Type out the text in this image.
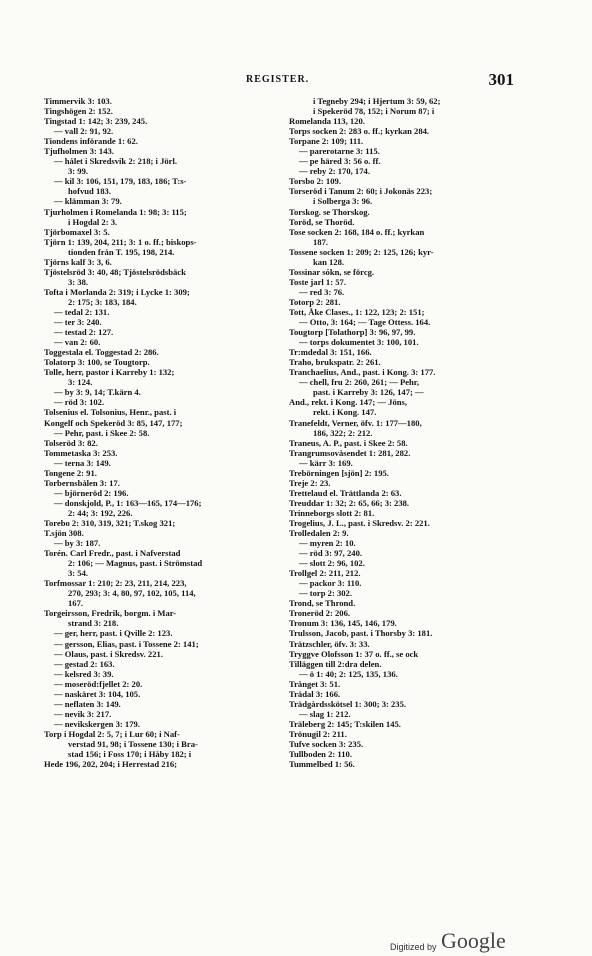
REGISTER.	301
Timmervik 3: 103.
Tingshögen 2: 152.
Tingstad 1: 142; 3: 239, 245.
— vall 2: 91, 92.
Tiondens införande 1: 62.
Tjufholmen 3: 143.
— hålet i Skredsvik 2: 218; i Jörl.
3: 99.
— kil 3: 106, 151, 179, 183, 186; T:s-
hofvud 183.
— klämman 3: 79.
Tjurholmen i Romelanda 1: 98; 3: 115;
i Hogdal 2: 3.
Tjörbomaxel 3: 5.
Tjörn 1: 139, 204, 211; 3: 1 o. ff.; biskops-
tionden från T. 195, 198, 214.
Tjörns kalf 3: 3, 6.
Tjöstelsröd 3: 40, 48; Tjöstelsrödsbäck
3: 38.
Tofta i Morlanda 2: 319; i Lycke 1: 309;
2: 175; 3: 183, 184.
— tedal 2: 131.
— ter 3: 240.
— testad 2: 127.
— van 2: 60.
Toggestala el. Toggestad 2: 286.
Tolatorp 3: 100, se Tougtorp.
Tolle, herr, pastor i Karreby 1: 132;
3: 124.
— by 3: 9, 14; T.kärn 4.
— röd 3: 102.
Tolsenius el. Tolsonius, Henr., past. i
Kongelf och Spekeröd 3: 85, 147, 177;
— Pehr, past. i Skee 2: 58.
Tolseröd 3: 82.
Tommetaska 3: 253.
— terna 3: 149.
Tongene 2: 91.
Torbernsbålen 3: 17.
— björneröd 2: 196.
— donskjold, P., 1: 163—165, 174—176;
2: 44; 3: 192, 226.
Torebo 2: 310, 319, 321; T.skog 321;
T.sjön 308.
— by 3: 187.
Torén. Carl Fredr., past. i Nafverstad
2: 106; — Magnus, past. i Strömstad
3: 54.
Torfmossar 1: 210; 2: 23, 211, 214, 223,
270, 293; 3: 4, 80, 97, 102, 105, 114,
167.
Torgeirsson, Fredrik, borgm. i Mar-
strand 3: 218.
— ger, herr, past. i Qville 2: 123.
— gersson, Elias, past. i Tossene 2: 141;
— Olaus, past. i Skredsv. 221.
— gestad 2: 163.
— kelsred 3: 39.
— moseröd:fjellet 2: 20.
— naskäret 3: 104, 105.
— neflaten 3: 149.
— nevik 3: 217.
— nevikskergen 3: 179.
Torp i Hogdal 2: 5, 7; i Lur 60; i Naf-
verstad 91, 98; i Tossene 130; i Bra-
stad 156; i Foss 170; i Håby 182; i
Hede 196, 202, 204; i Herrestad 216;
i Tegneby 294; i Hjertum 3: 59, 62;
i Spekeröd 78, 152; i Norum 87; i
Romelanda 113, 120.
Torps socken 2: 283 o. ff.; kyrkan 284.
Torpane 2: 109; 111.
— parerotarne 3: 115.
— pe häred 3: 56 o. ff.
— reby 2: 170, 174.
Torsbo 2: 109.
Torseröd i Tanum 2: 60; i Jokonäs 223;
i Solberga 3: 96.
Torskog. se Thorskog.
Toröd, se Thoröd.
Tose socken 2: 168, 184 o. ff.; kyrkan
187.
Tossene socken 1: 209; 2: 125, 126; kyr-
kan 128.
Tossinar sókn, se förcg.
Toste jarl 1: 57.
— red 3: 76.
Totorp 2: 281.
Tott, Åke Clases., 1: 122, 123; 2: 151;
— Otto, 3: 164; — Tage Ottess. 164.
Tougtorp [Tolathorp] 3: 96, 97, 99.
— torps dokumentet 3: 100, 101.
Tr:mdedal 3: 151, 166.
Traho, brukspatr. 2: 261.
Tranchaelius, And., past. i Kong. 3: 177.
— chell, fru 2: 260, 261; — Pehr,
past. i Karreby 3: 126, 147; —
And., rekt. i Kong. 147; — Jöns,
rekt. i Kong. 147.
Tranefeldt, Verner, öfv. 1: 177—180,
186, 322; 2: 212.
Traneus, A. P., past. i Skee 2: 58.
Trangrumsovåsendet 1: 281, 282.
— kärr 3: 169.
Trebörningen [sjön] 2: 195.
Treje 2: 23.
Trettelaud el. Trättlanda 2: 63.
Treuddar 1: 32; 2: 65, 66; 3: 238.
Trinneborgs slott 2: 81.
Trogelius, J. L., past. i Skredsv. 2: 221.
Trolledalen 2: 9.
— myren 2: 10.
— röd 3: 97, 240.
— slott 2: 96, 102.
Trollgel 2: 211, 212.
— packor 3: 110.
— torp 2: 302.
Trond, se Thrond.
Troneröd 2: 206.
Tronum 3: 136, 145, 146, 179.
Trulsson, Jacob, past. i Thorsby 3: 181.
Trätzschler, öfv. 3: 33.
Tryggve Olofsson 1: 37 o. ff., se ock
Tilläggen till 2:dra delen.
— ö 1: 40; 2: 125, 135, 136.
Trånget 3: 51.
Trädal 3: 166.
Trädgårdsskötsel 1: 300; 3: 235.
— slag 1: 212.
Träleberg 2: 145; T:skilen 145.
Trönugil 2: 211.
Tufve socken 3: 235.
Tullboden 2: 110.
Tummelbed 1: 56.
Digitized by Google
